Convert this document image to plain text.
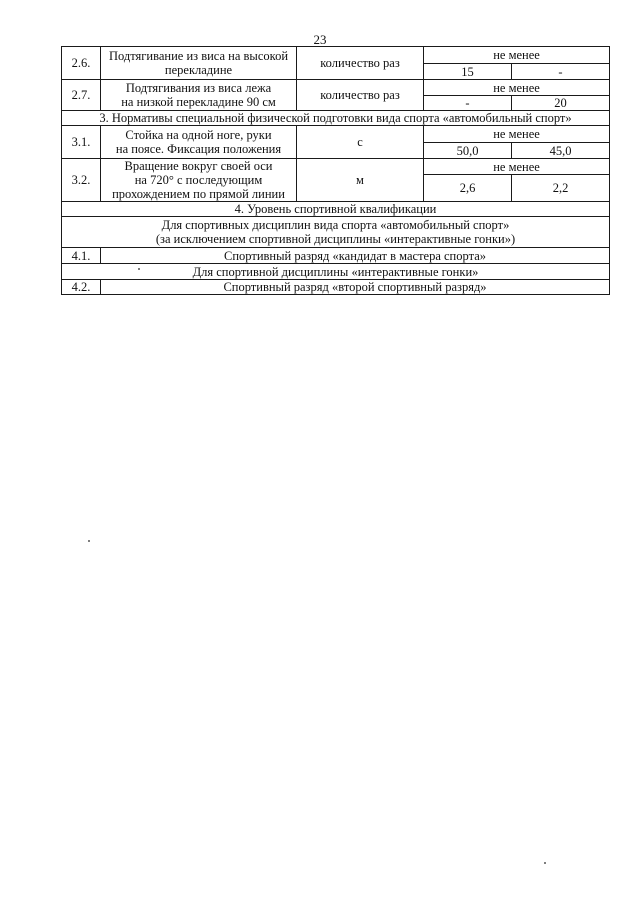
23
2.6.	Подтягивание из виса на высокой
перекладине	количество раз	не менее	
			15	-
2.7.	Подтягивания из виса лежа
на низкой перекладине 90 см	количество раз	не менее	
			-	20
3. Нормативы специальной физической подготовки вида спорта «автомобильный спорт»				
3.1.	Стойка на одной ноге, руки
на поясе. Фиксация положения	с	не менее	
			50,0	45,0
3.2.	Вращение вокруг своей оси
на 720° с последующим
прохождением по прямой линии	м	не менее	
			2,6	2,2
4. Уровень спортивной квалификации				

Для спортивных дисциплин вида спорта «автомобильный спорт»
(за исключением спортивной дисциплины «интерактивные гонки»)				

4.1.	Спортивный разряд «кандидат в мастера спорта»			
Для спортивной дисциплины «интерактивные гонки»				
4.2.	Спортивный разряд «второй спортивный разряд»			
